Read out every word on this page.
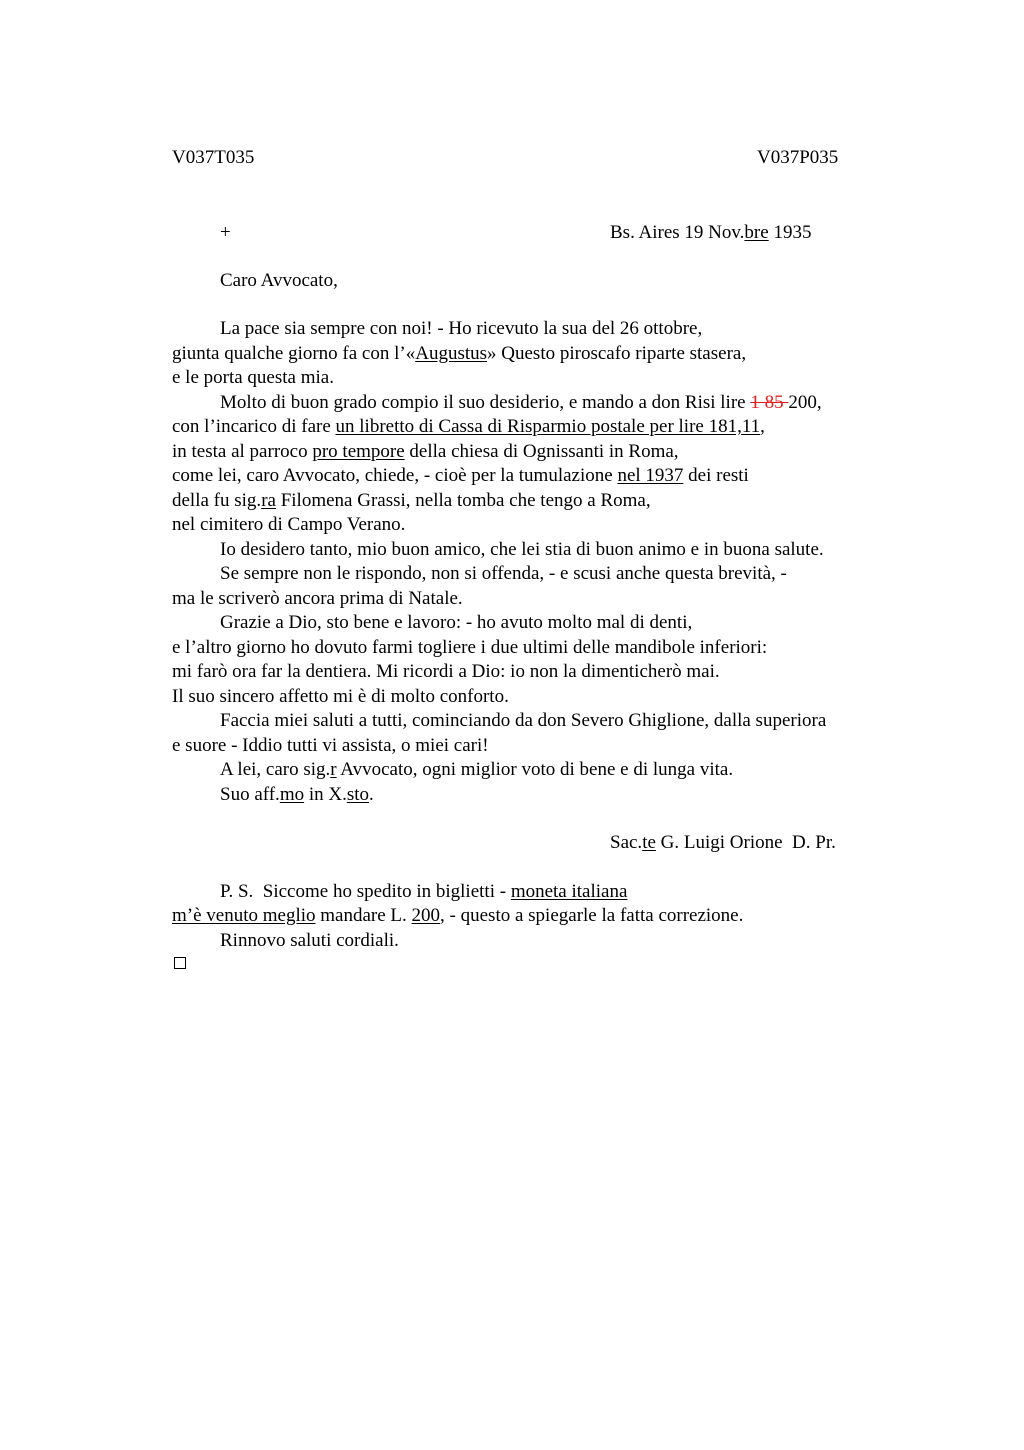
V037T035	V037P035
+	Bs. Aires 19 Nov.bre 1935
Caro Avvocato,
La pace sia sempre con noi! - Ho ricevuto la sua del 26 ottobre,
giunta qualche giorno fa con l’«Augustus» Questo piroscafo riparte stasera,
e le porta questa mia.
Molto di buon grado compio il suo desiderio, e mando a don Risi lire 1 85 200,
con l’incarico di fare un libretto di Cassa di Risparmio postale per lire 181,11,
in testa al parroco pro tempore della chiesa di Ognissanti in Roma,
come lei, caro Avvocato, chiede, - cioè per la tumulazione nel 1937 dei resti
della fu sig.ra Filomena Grassi, nella tomba che tengo a Roma,
nel cimitero di Campo Verano.
Io desidero tanto, mio buon amico, che lei stia di buon animo e in buona salute.
Se sempre non le rispondo, non si offenda, - e scusi anche questa brevità, -
ma le scriverò ancora prima di Natale.
Grazie a Dio, sto bene e lavoro: - ho avuto molto mal di denti,
e l’altro giorno ho dovuto farmi togliere i due ultimi delle mandibole inferiori:
mi farò ora far la dentiera. Mi ricordi a Dio: io non la dimenticherò mai.
Il suo sincero affetto mi è di molto conforto.
Faccia miei saluti a tutti, cominciando da don Severo Ghiglione, dalla superiora
e suore - Iddio tutti vi assista, o miei cari!
A lei, caro sig.r Avvocato, ogni miglior voto di bene e di lunga vita.
Suo aff.mo in X.sto.
Sac.te G. Luigi Orione  D. Pr.
P. S.  Siccome ho spedito in biglietti - moneta italiana
m’è venuto meglio mandare L. 200, - questo a spiegarle la fatta correzione.
Rinnovo saluti cordiali.
